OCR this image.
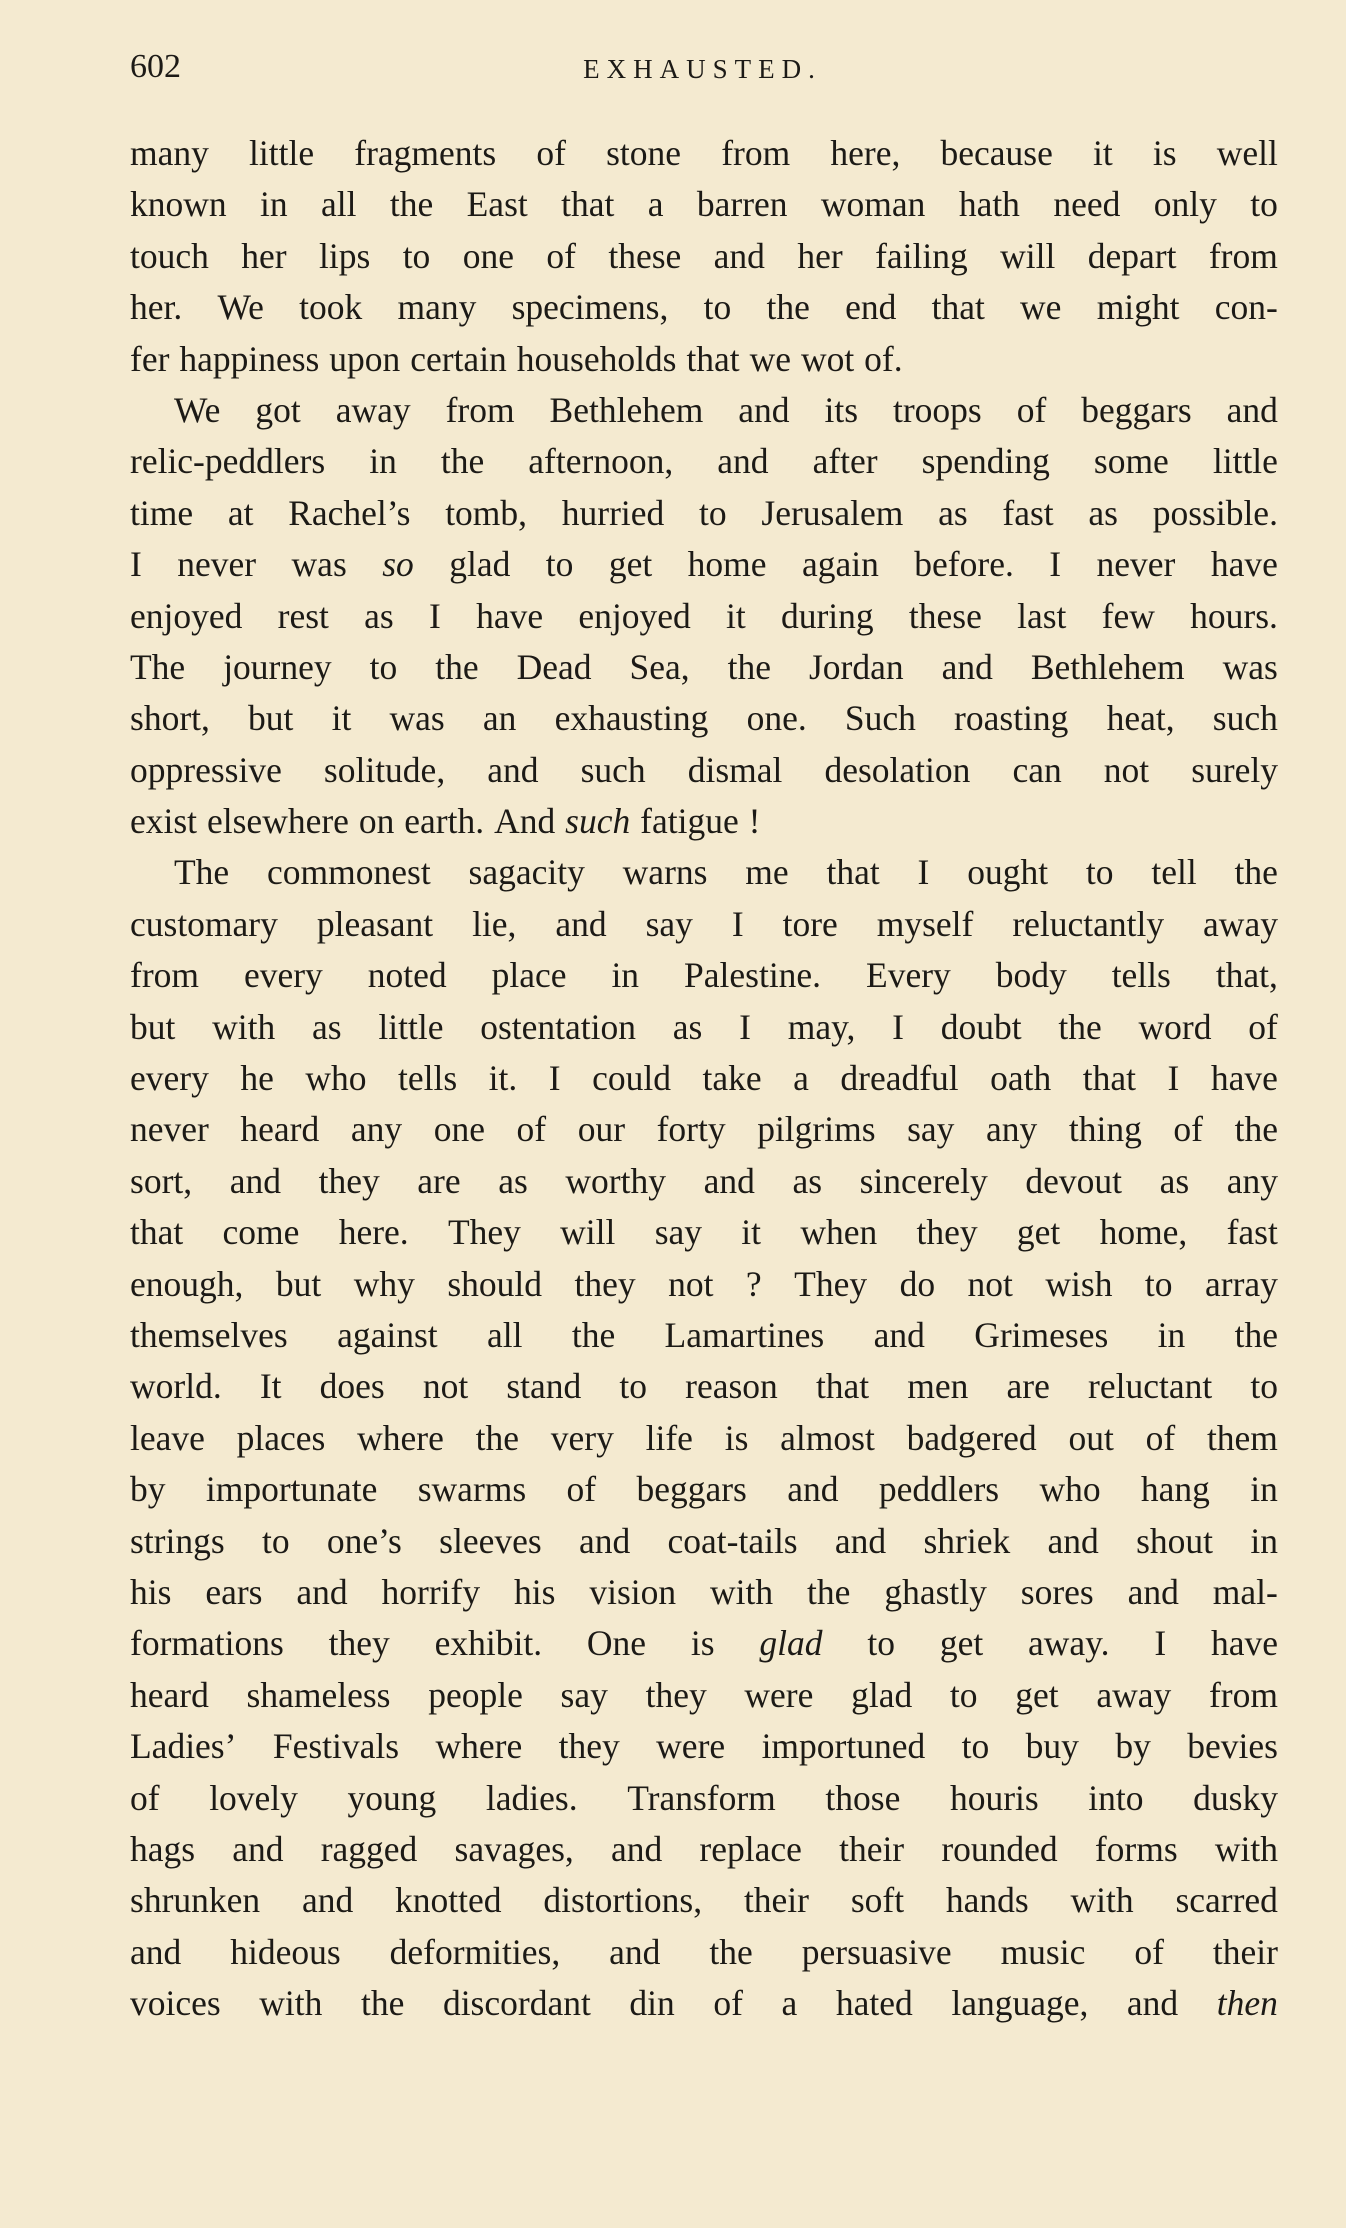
602	EXHAUSTED.
many little fragments of stone from here, because it is well
known in all the East that a barren woman hath need only to
touch her lips to one of these and her failing will depart from
her. We took many specimens, to the end that we might con-
fer happiness upon certain households that we wot of.
We got away from Bethlehem and its troops of beggars and
relic-peddlers in the afternoon, and after spending some little
time at Rachel’s tomb, hurried to Jerusalem as fast as possible.
I never was so glad to get home again before. I never have
enjoyed rest as I have enjoyed it during these last few hours.
The journey to the Dead Sea, the Jordan and Bethlehem was
short, but it was an exhausting one. Such roasting heat, such
oppressive solitude, and such dismal desolation can not surely
exist elsewhere on earth. And such fatigue !
The commonest sagacity warns me that I ought to tell the
customary pleasant lie, and say I tore myself reluctantly away
from every noted place in Palestine. Every body tells that,
but with as little ostentation as I may, I doubt the word of
every he who tells it. I could take a dreadful oath that I have
never heard any one of our forty pilgrims say any thing of the
sort, and they are as worthy and as sincerely devout as any
that come here. They will say it when they get home, fast
enough, but why should they not ? They do not wish to array
themselves against all the Lamartines and Grimeses in the
world. It does not stand to reason that men are reluctant to
leave places where the very life is almost badgered out of them
by importunate swarms of beggars and peddlers who hang in
strings to one’s sleeves and coat-tails and shriek and shout in
his ears and horrify his vision with the ghastly sores and mal-
formations they exhibit. One is glad to get away. I have
heard shameless people say they were glad to get away from
Ladies’ Festivals where they were importuned to buy by bevies
of lovely young ladies. Transform those houris into dusky
hags and ragged savages, and replace their rounded forms with
shrunken and knotted distortions, their soft hands with scarred
and hideous deformities, and the persuasive music of their
voices with the discordant din of a hated language, and then
